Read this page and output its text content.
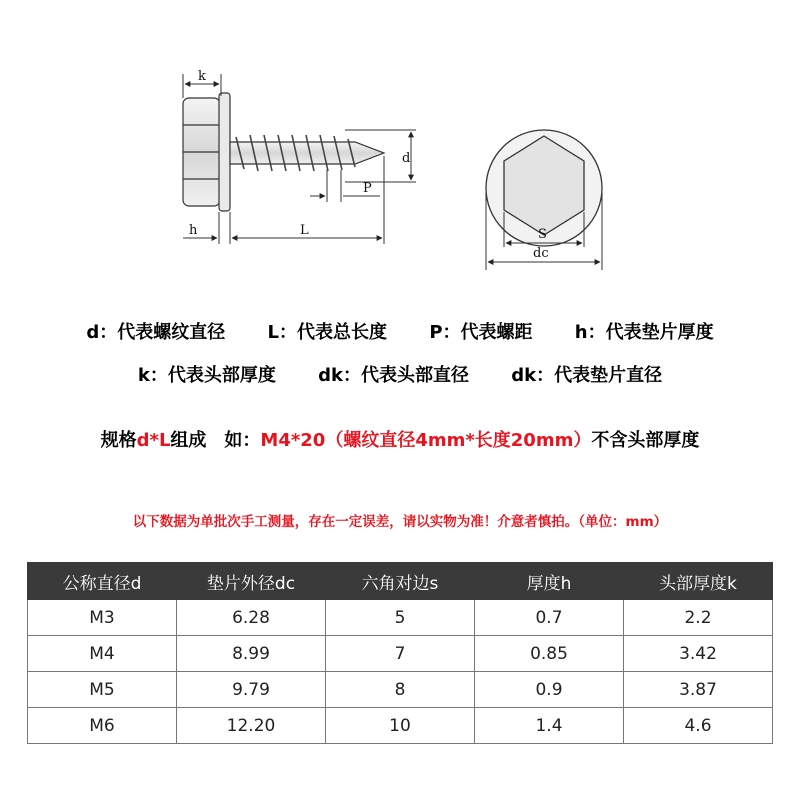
k
h	L
d
P
S
dc
d：代表螺纹直径 L：代表总长度 P：代表螺距 h：代表垫片厚度
k：代表头部厚度 dk：代表头部直径 dk：代表垫片直径
规格d*L组成　如：M4*20（螺纹直径4mm*长度20mm）不含头部厚度
以下数据为单批次手工测量，存在一定误差，请以实物为准！介意者慎拍。（单位：mm）
公称直径d	垫片外径dc	六角对边s	厚度h	头部厚度k
M3	6.28	5	0.7	2.2
M4	8.99	7	0.85	3.42
M5	9.79	8	0.9	3.87
M6	12.20	10	1.4	4.6
